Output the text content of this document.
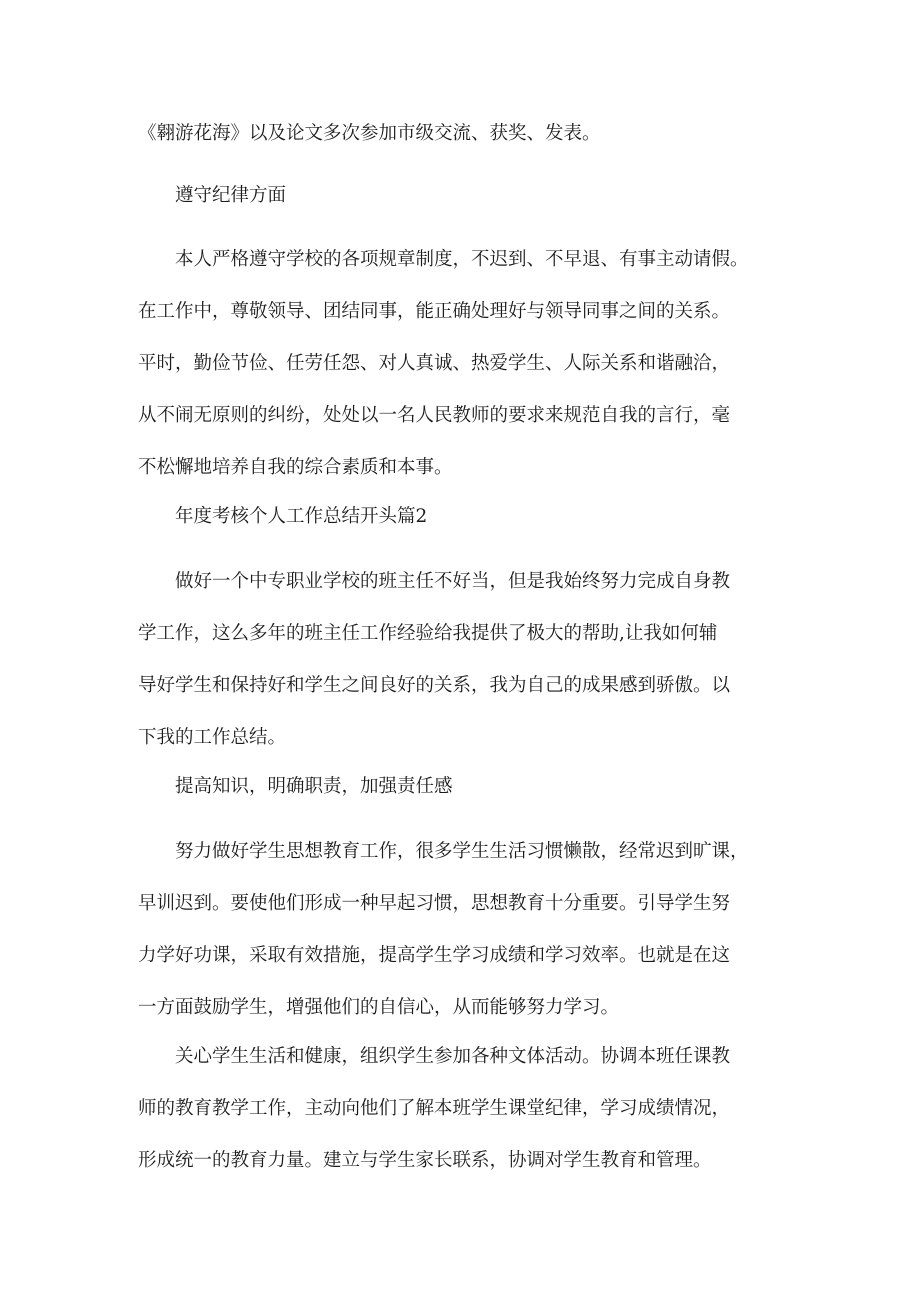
《翱游花海》以及论文多次参加市级交流、获奖、发表。

遵守纪律方面

本人严格遵守学校的各项规章制度，不迟到、不早退、有事主动请假。
在工作中，尊敬领导、团结同事，能正确处理好与领导同事之间的关系。
平时，勤俭节俭、任劳任怨、对人真诚、热爱学生、人际关系和谐融洽，
从不闹无原则的纠纷，处处以一名人民教师的要求来规范自我的言行，毫
不松懈地培养自我的综合素质和本事。

年度考核个人工作总结开头篇2

做好一个中专职业学校的班主任不好当，但是我始终努力完成自身教
学工作，这么多年的班主任工作经验给我提供了极大的帮助,让我如何辅
导好学生和保持好和学生之间良好的关系，我为自己的成果感到骄傲。以
下我的工作总结。

提高知识，明确职责，加强责任感

努力做好学生思想教育工作，很多学生生活习惯懒散，经常迟到旷课，
早训迟到。要使他们形成一种早起习惯，思想教育十分重要。引导学生努
力学好功课，采取有效措施，提高学生学习成绩和学习效率。也就是在这
一方面鼓励学生，增强他们的自信心，从而能够努力学习。

关心学生生活和健康，组织学生参加各种文体活动。协调本班任课教
师的教育教学工作，主动向他们了解本班学生课堂纪律，学习成绩情况，
形成统一的教育力量。建立与学生家长联系，协调对学生教育和管理。
